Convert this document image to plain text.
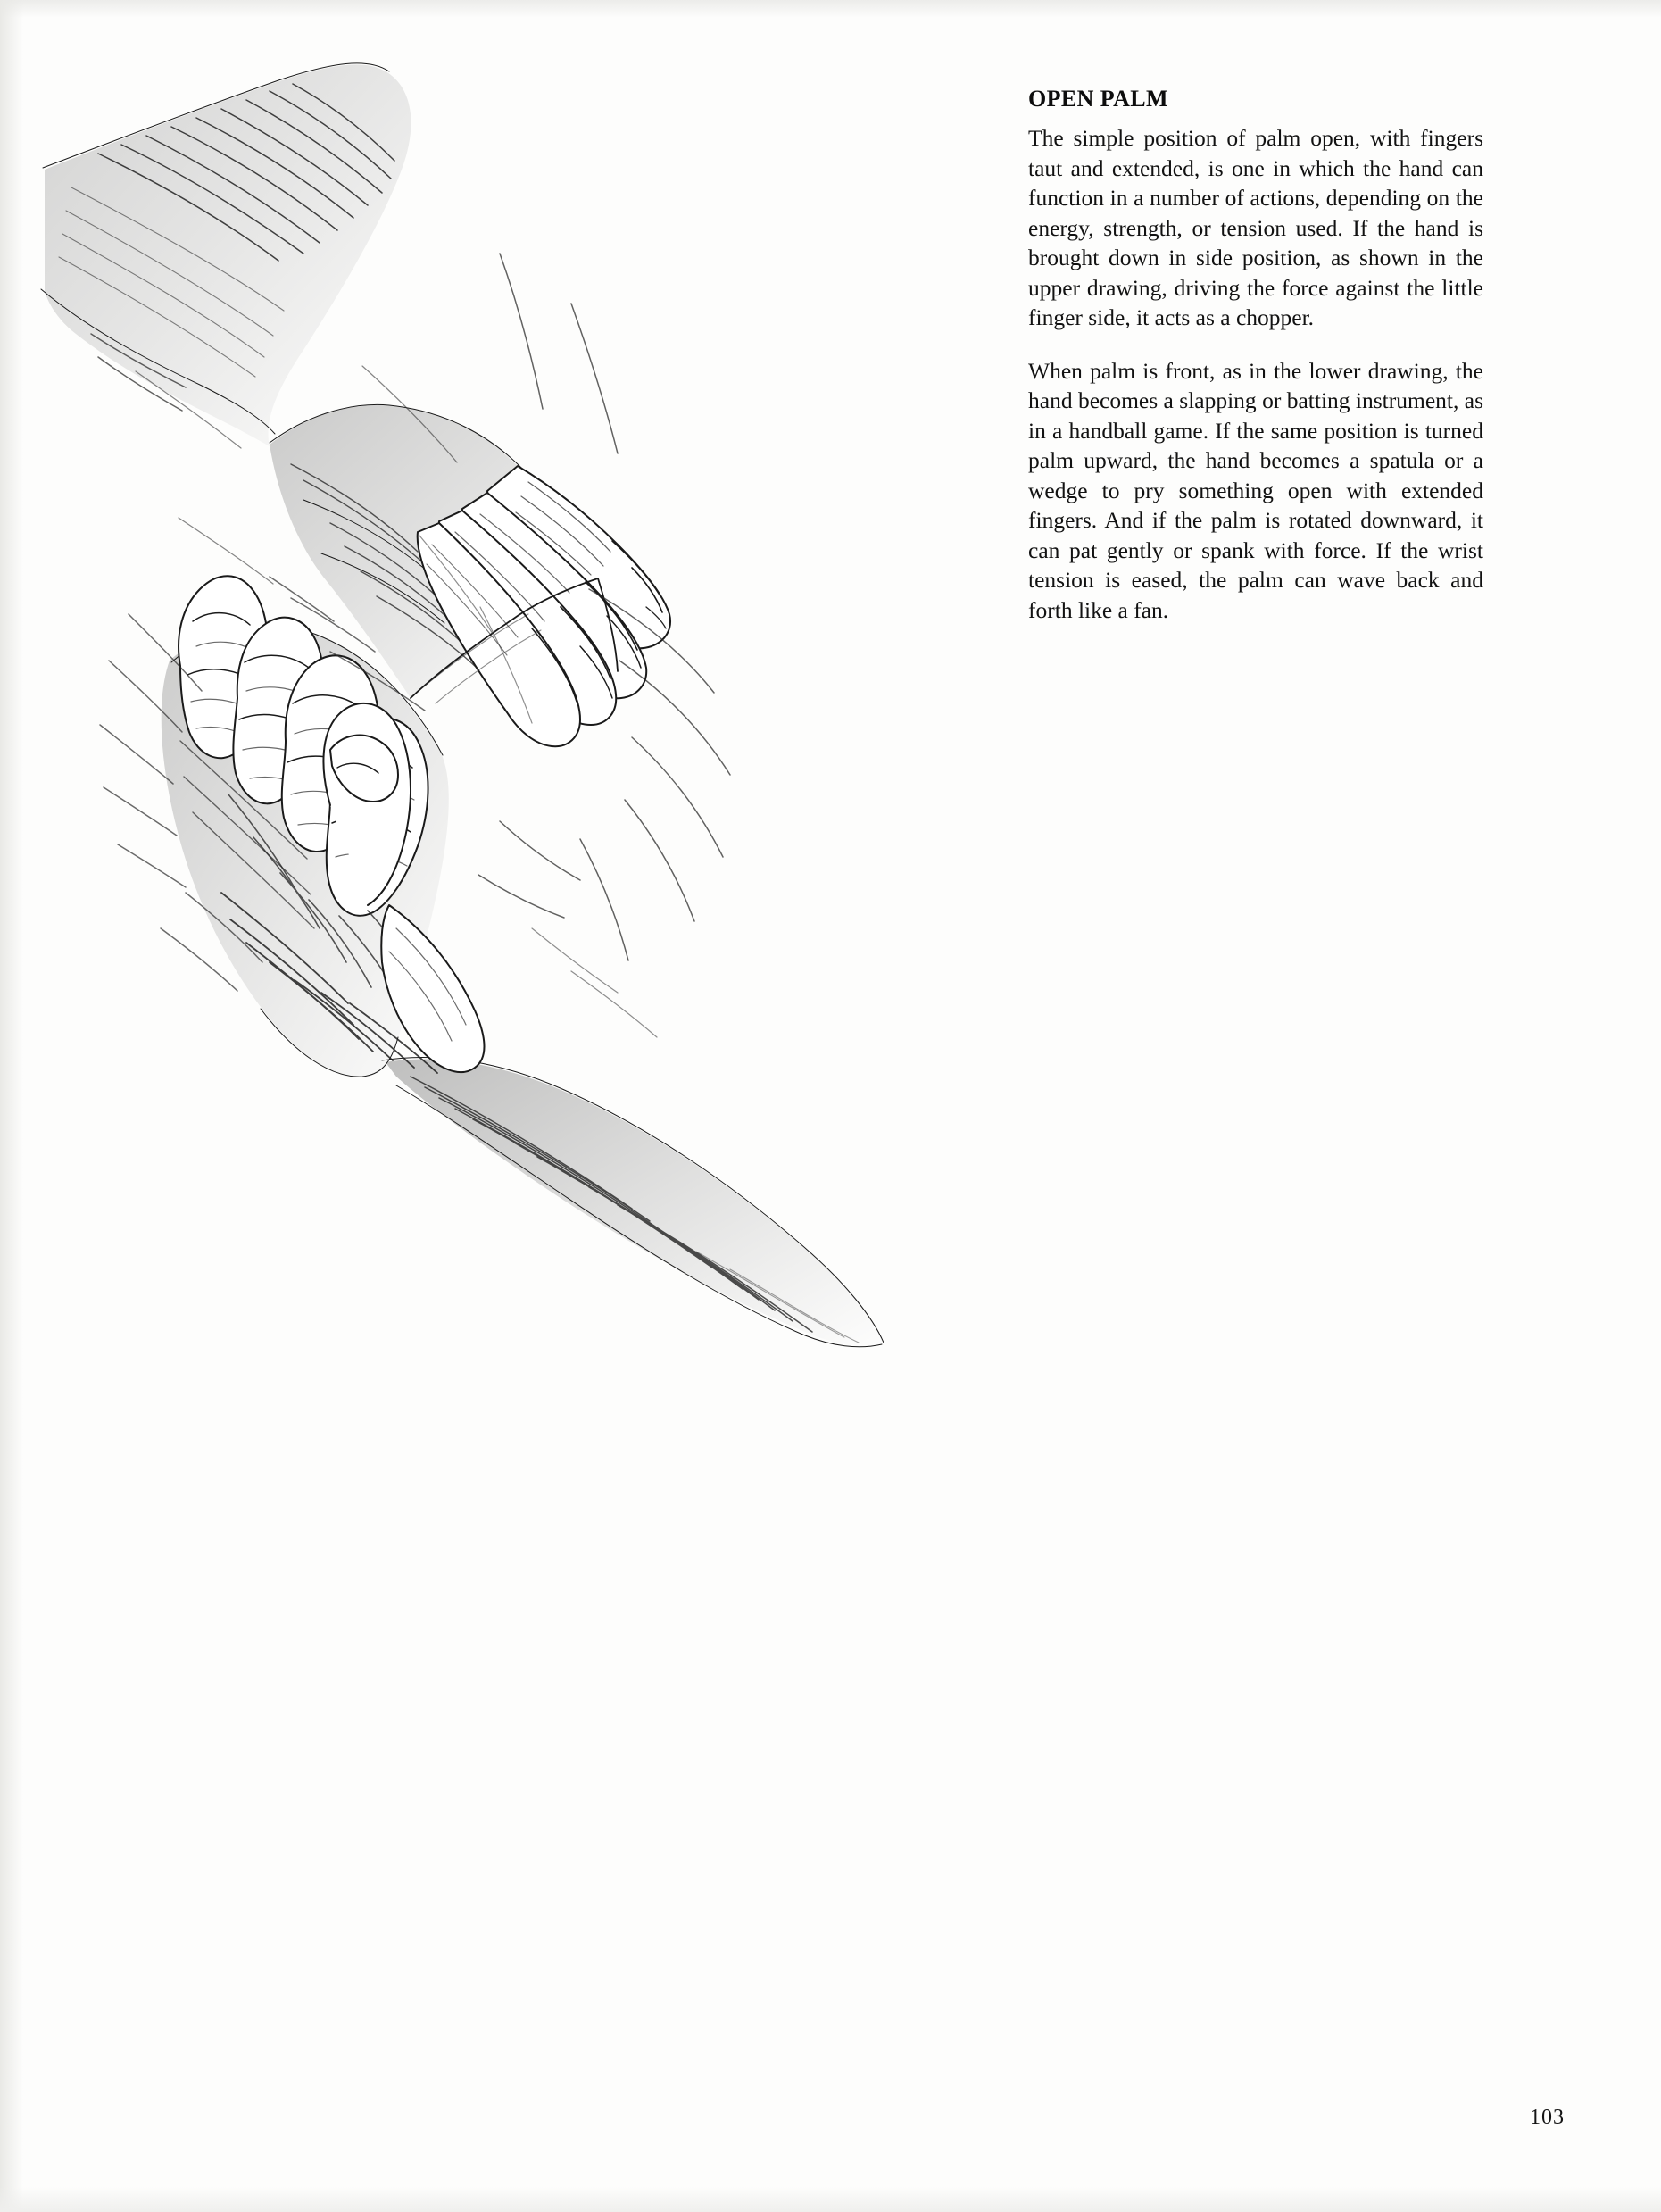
OPEN PALM

The simple position of palm open, with fingers taut and extended, is one in which the hand can function in a number of actions, depending on the energy, strength, or tension used. If the hand is brought down in side position, as shown in the upper drawing, driving the force against the little finger side, it acts as a chopper.

When palm is front, as in the lower drawing, the hand becomes a slapping or batting instrument, as in a handball game. If the same position is turned palm upward, the hand becomes a spatula or a wedge to pry something open with extended fingers. And if the palm is rotated downward, it can pat gently or spank with force. If the wrist tension is eased, the palm can wave back and forth like a fan.

103
